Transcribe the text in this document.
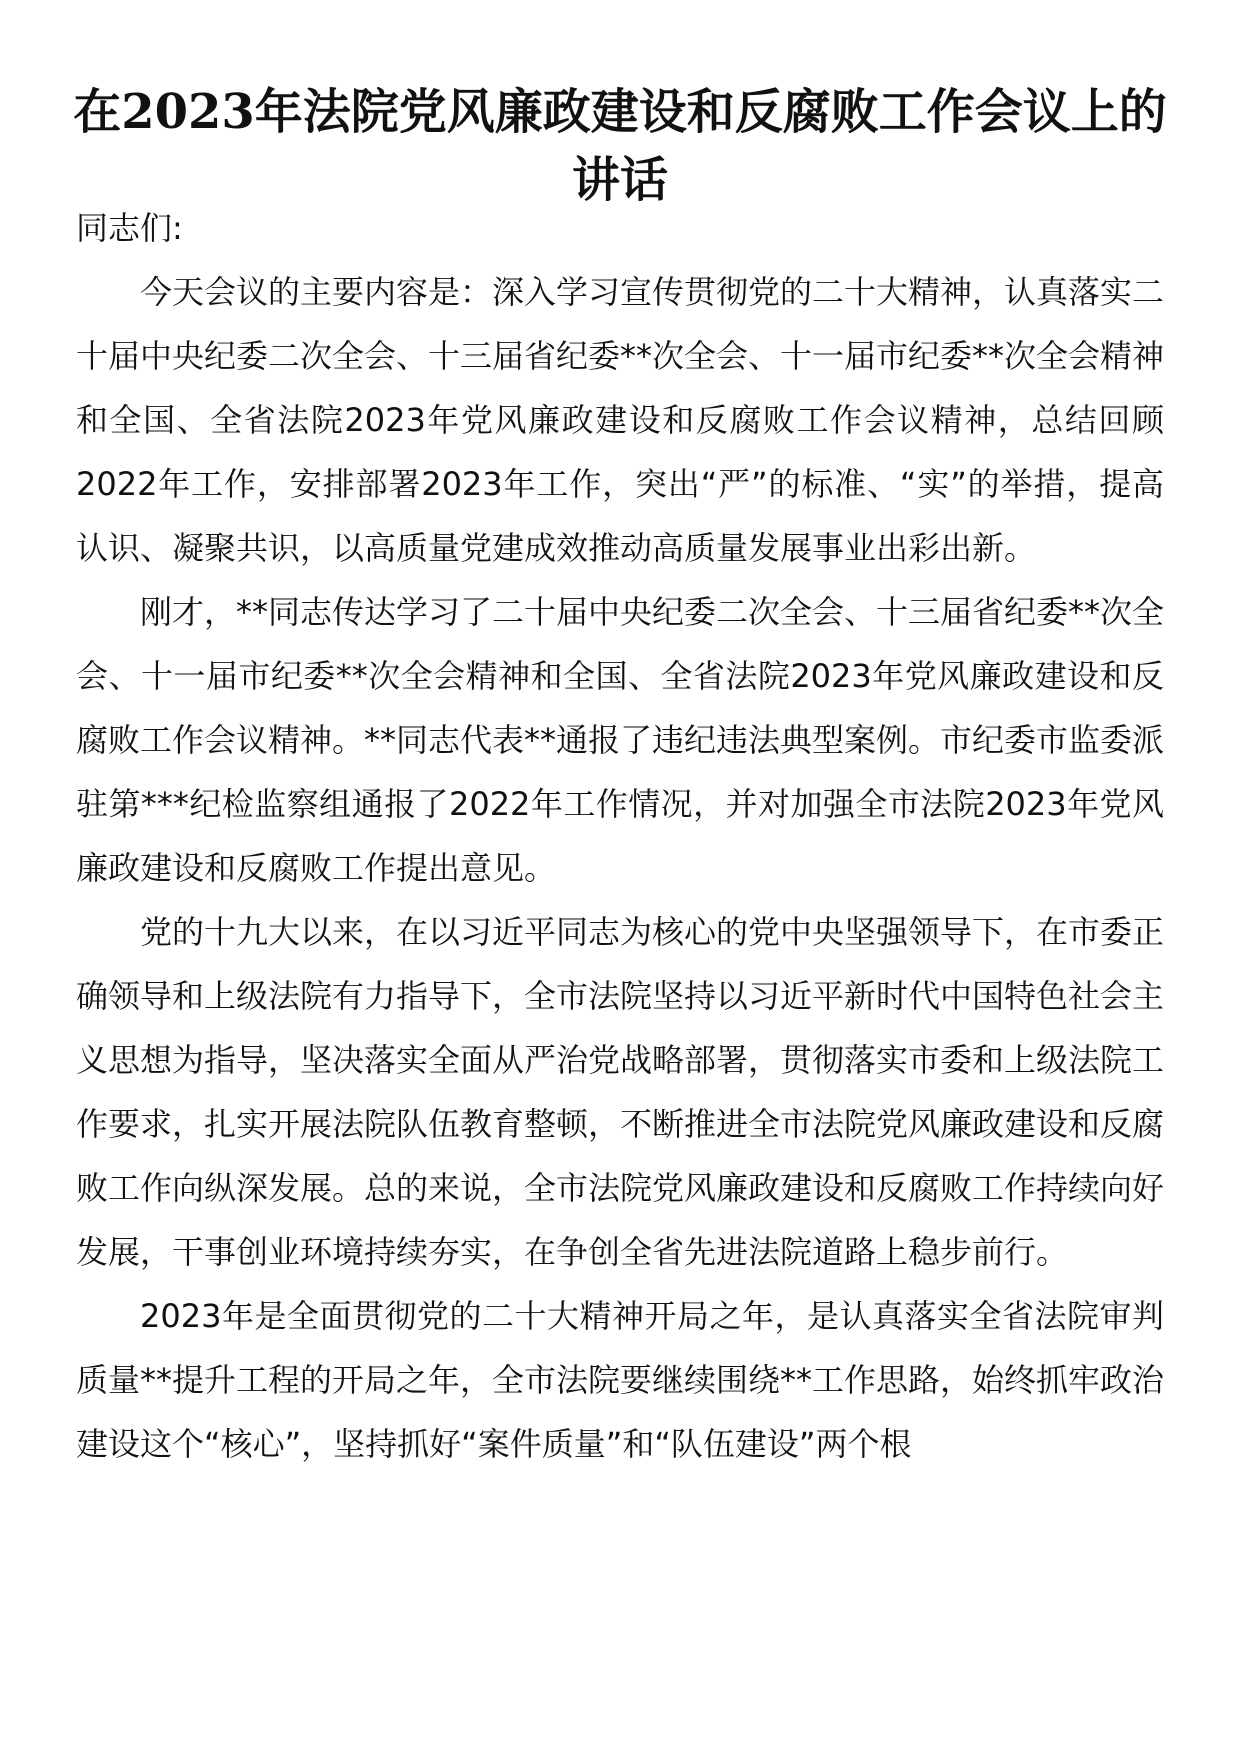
在2023年法院党风廉政建设和反腐败工作会议上的讲话

同志们:

今天会议的主要内容是：深入学习宣传贯彻党的二十大精神，认真落实二十届中央纪委二次全会、十三届省纪委**次全会、十一届市纪委**次全会精神和全国、全省法院2023年党风廉政建设和反腐败工作会议精神，总结回顾2022年工作，安排部署2023年工作，突出“严”的标准、“实”的举措，提高认识、凝聚共识，以高质量党建成效推动高质量发展事业出彩出新。

刚才，**同志传达学习了二十届中央纪委二次全会、十三届省纪委**次全会、十一届市纪委**次全会精神和全国、全省法院2023年党风廉政建设和反腐败工作会议精神。**同志代表**通报了违纪违法典型案例。市纪委市监委派驻第***纪检监察组通报了2022年工作情况，并对加强全市法院2023年党风廉政建设和反腐败工作提出意见。

党的十九大以来，在以习近平同志为核心的党中央坚强领导下，在市委正确领导和上级法院有力指导下，全市法院坚持以习近平新时代中国特色社会主义思想为指导，坚决落实全面从严治党战略部署，贯彻落实市委和上级法院工作要求，扎实开展法院队伍教育整顿，不断推进全市法院党风廉政建设和反腐败工作向纵深发展。总的来说，全市法院党风廉政建设和反腐败工作持续向好发展，干事创业环境持续夯实，在争创全省先进法院道路上稳步前行。

2023年是全面贯彻党的二十大精神开局之年，是认真落实全省法院审判质量**提升工程的开局之年，全市法院要继续围绕**工作思路，始终抓牢政治建设这个“核心”，坚持抓好“案件质量”和“队伍建设”两个根
